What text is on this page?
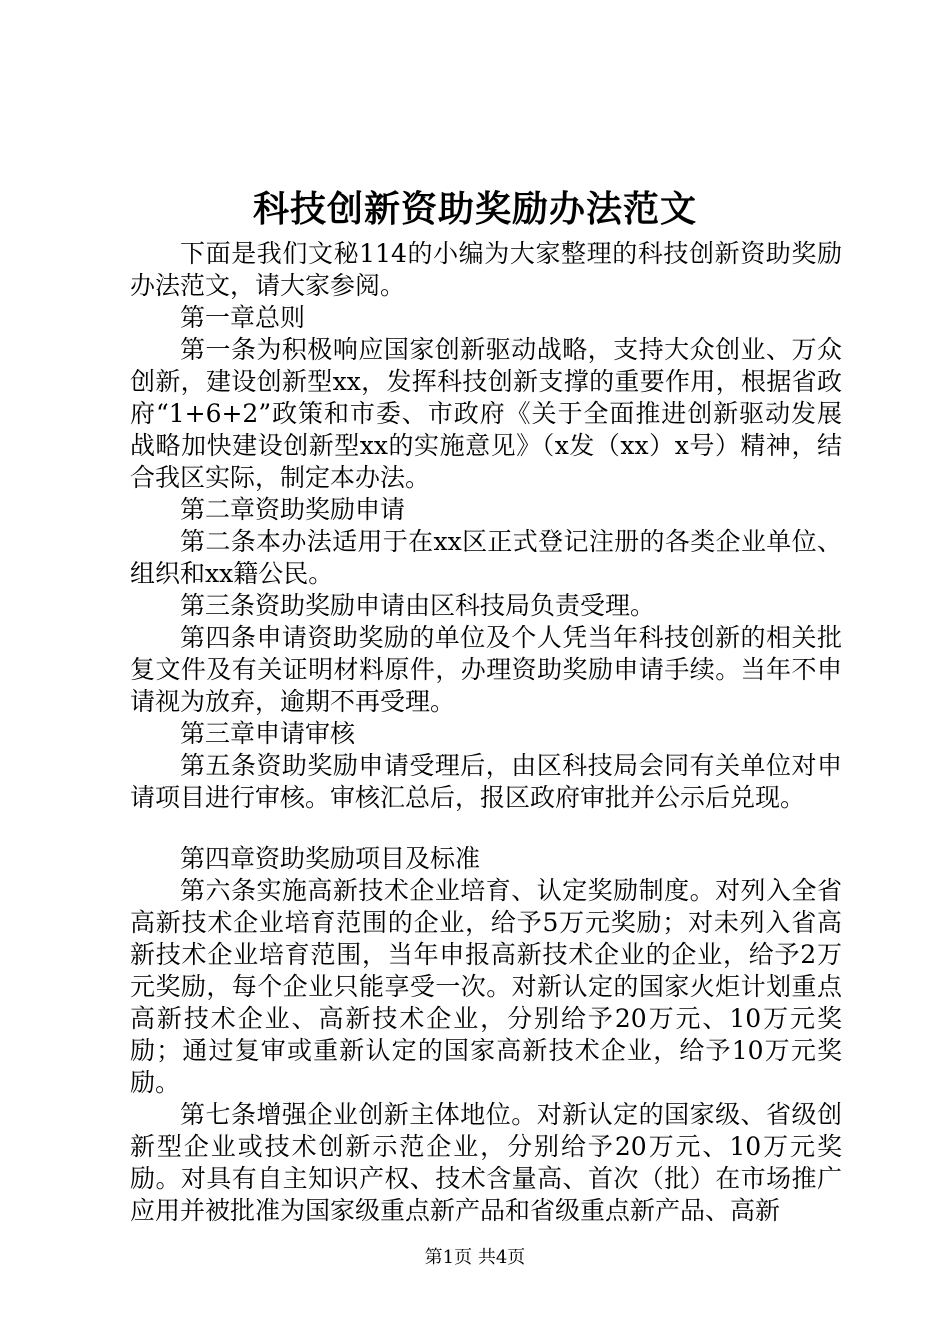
科技创新资助奖励办法范文

下面是我们文秘114的小编为大家整理的科技创新资助奖励办法范文，请大家参阅。

第一章总则

第一条为积极响应国家创新驱动战略，支持大众创业、万众创新，建设创新型xx，发挥科技创新支撑的重要作用，根据省政府“1+6+2”政策和市委、市政府《关于全面推进创新驱动发展战略加快建设创新型xx的实施意见》（x发（xx）x号）精神，结合我区实际，制定本办法。

第二章资助奖励申请

第二条本办法适用于在xx区正式登记注册的各类企业单位、组织和xx籍公民。

第三条资助奖励申请由区科技局负责受理。

第四条申请资助奖励的单位及个人凭当年科技创新的相关批复文件及有关证明材料原件，办理资助奖励申请手续。当年不申请视为放弃，逾期不再受理。

第三章申请审核

第五条资助奖励申请受理后，由区科技局会同有关单位对申请项目进行审核。审核汇总后，报区政府审批并公示后兑现。

第四章资助奖励项目及标准

第六条实施高新技术企业培育、认定奖励制度。对列入全省高新技术企业培育范围的企业，给予5万元奖励；对未列入省高新技术企业培育范围，当年申报高新技术企业的企业，给予2万元奖励，每个企业只能享受一次。对新认定的国家火炬计划重点高新技术企业、高新技术企业，分别给予20万元、10万元奖励；通过复审或重新认定的国家高新技术企业，给予10万元奖励。

第七条增强企业创新主体地位。对新认定的国家级、省级创新型企业或技术创新示范企业，分别给予20万元、10万元奖励。对具有自主知识产权、技术含量高、首次（批）在市场推广应用并被批准为国家级重点新产品和省级重点新产品、高新

第1页 共4页
